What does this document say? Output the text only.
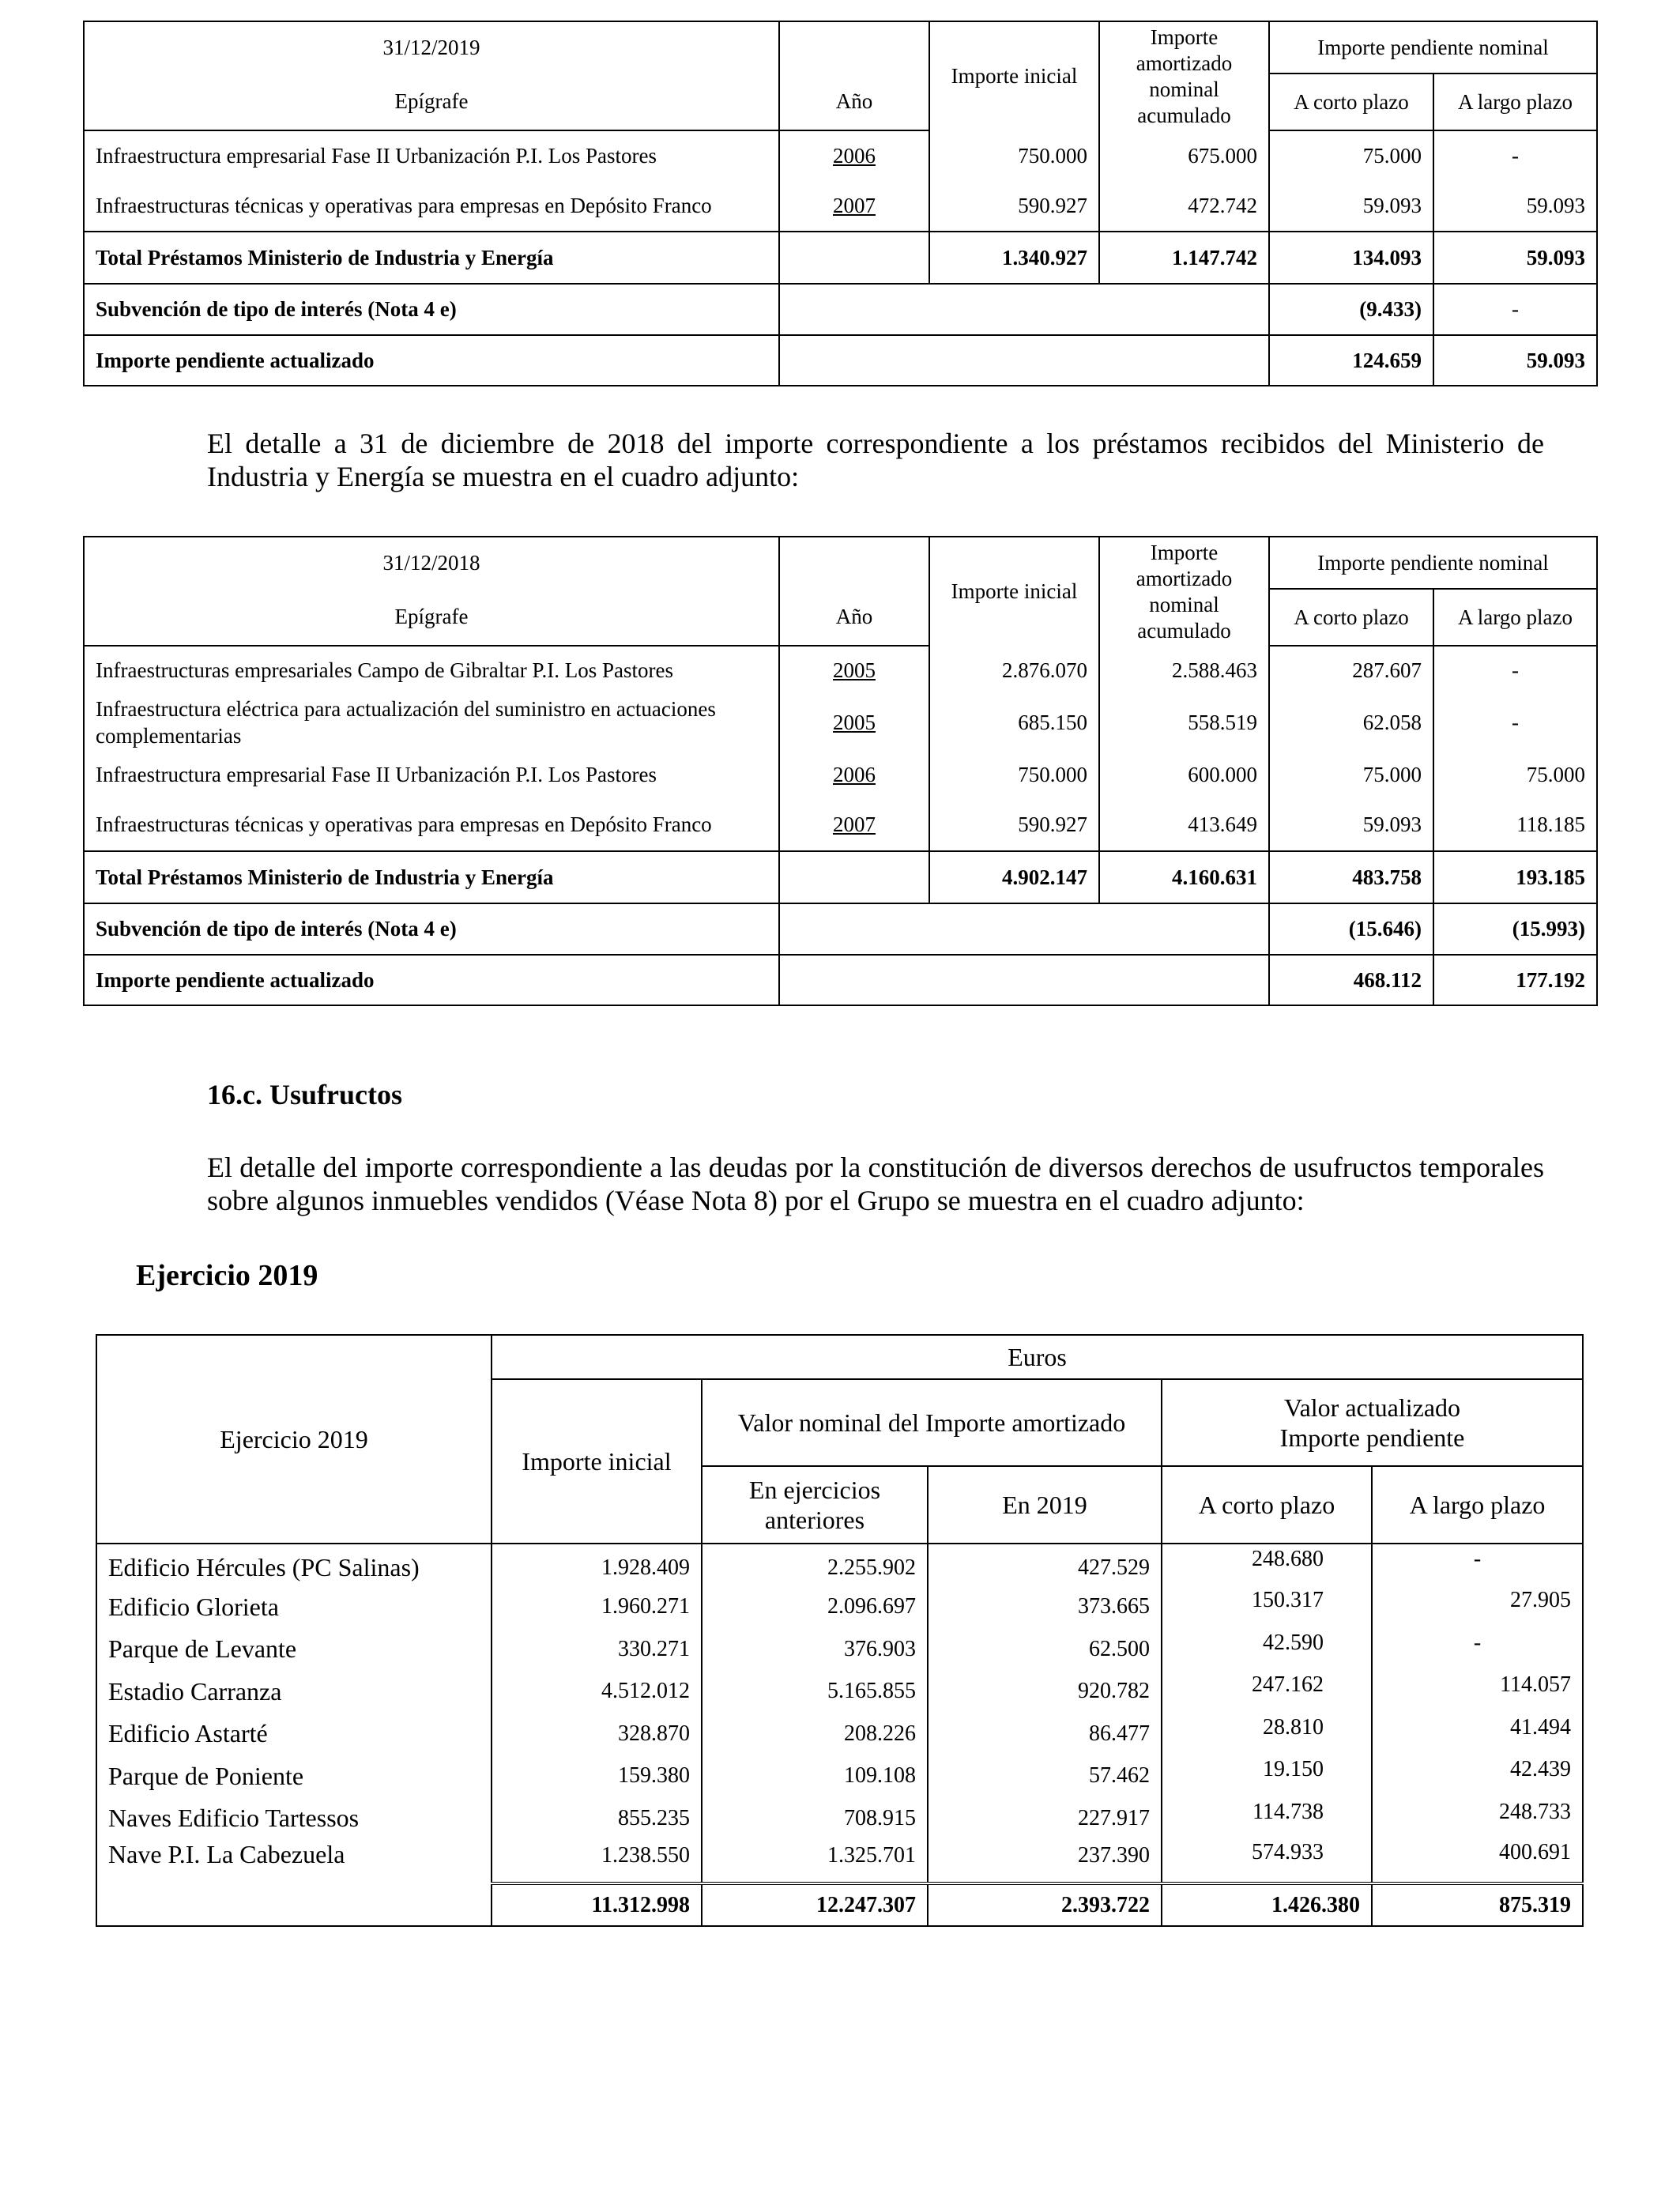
31/12/2019		Importe inicial	Importe amortizado nominal acumulado	Importe pendiente nominal	
Epígrafe	Año			A corto plazo	A largo plazo
Infraestructura empresarial Fase II Urbanización P.I. Los Pastores	2006	750.000	675.000	75.000	-
Infraestructuras técnicas y operativas para empresas en Depósito Franco	2007	590.927	472.742	59.093	59.093
Total Préstamos Ministerio de Industria y Energía		1.340.927	1.147.742	134.093	59.093
Subvención de tipo de interés (Nota 4 e)				(9.433)	-
Importe pendiente actualizado				124.659	59.093
El detalle a 31 de diciembre de 2018 del importe correspondiente a los préstamos recibidos del Ministerio de Industria y Energía se muestra en el cuadro adjunto:
31/12/2018		Importe inicial	Importe amortizado nominal acumulado	Importe pendiente nominal	
Epígrafe	Año			A corto plazo	A largo plazo
Infraestructuras empresariales Campo de Gibraltar P.I. Los Pastores	2005	2.876.070	2.588.463	287.607	-
Infraestructura eléctrica para actualización del suministro en actuaciones complementarias	2005	685.150	558.519	62.058	-
Infraestructura empresarial Fase II Urbanización P.I. Los Pastores	2006	750.000	600.000	75.000	75.000
Infraestructuras técnicas y operativas para empresas en Depósito Franco	2007	590.927	413.649	59.093	118.185
Total Préstamos Ministerio de Industria y Energía		4.902.147	4.160.631	483.758	193.185
Subvención de tipo de interés (Nota 4 e)				(15.646)	(15.993)
Importe pendiente actualizado				468.112	177.192
16.c. Usufructos
El detalle del importe correspondiente a las deudas por la constitución de diversos derechos de usufructos temporales sobre algunos inmuebles vendidos (Véase Nota 8) por el Grupo se muestra en el cuadro adjunto:
Ejercicio 2019
Ejercicio 2019	Euros				
	Importe inicial	Valor nominal del Importe amortizado		Valor actualizado
Importe pendiente	

		En ejercicios anteriores	En 2019	A corto plazo	A largo plazo
Edificio Hércules (PC Salinas)	1.928.409	2.255.902	427.529	248.680	-
Edificio Glorieta	1.960.271	2.096.697	373.665	150.317	27.905
Parque de Levante	330.271	376.903	62.500	42.590	-
Estadio Carranza	4.512.012	5.165.855	920.782	247.162	114.057
Edificio Astarté	328.870	208.226	86.477	28.810	41.494
Parque de Poniente	159.380	109.108	57.462	19.150	42.439
Naves Edificio Tartessos	855.235	708.915	227.917	114.738	248.733
Nave P.I. La Cabezuela	1.238.550	1.325.701	237.390	574.933	400.691
	11.312.998	12.247.307	2.393.722	1.426.380	875.319
